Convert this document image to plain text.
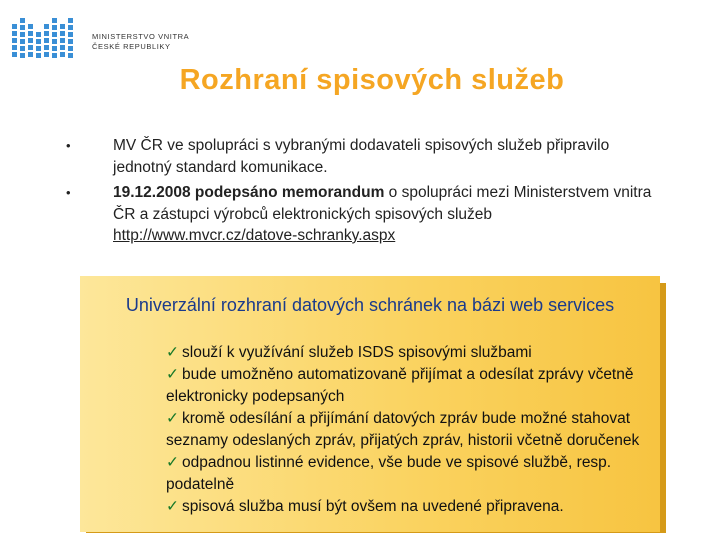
MINISTERSTVO VNITRA
ČESKÉ REPUBLIKY
Rozhraní spisových služeb
•	MV ČR ve spolupráci s vybranými dodavateli spisových služeb připravilo jednotný standard komunikace.
•	19.12.2008 podepsáno memorandum o spolupráci mezi Ministerstvem vnitra ČR a zástupci výrobců elektronických spisových služeb http://www.mvcr.cz/datove-schranky.aspx
Univerzální rozhraní datových schránek na bázi web services
✓ slouží k využívání služeb ISDS spisovými službami
✓ bude umožněno automatizovaně přijímat a odesílat zprávy včetně elektronicky podepsaných
✓ kromě odesílání a přijímání datových zpráv bude možné stahovat seznamy odeslaných zpráv, přijatých zpráv, historii včetně doručenek
✓ odpadnou listinné evidence, vše bude ve spisové službě, resp. podatelně
✓ spisová služba musí být ovšem na uvedené připravena.
